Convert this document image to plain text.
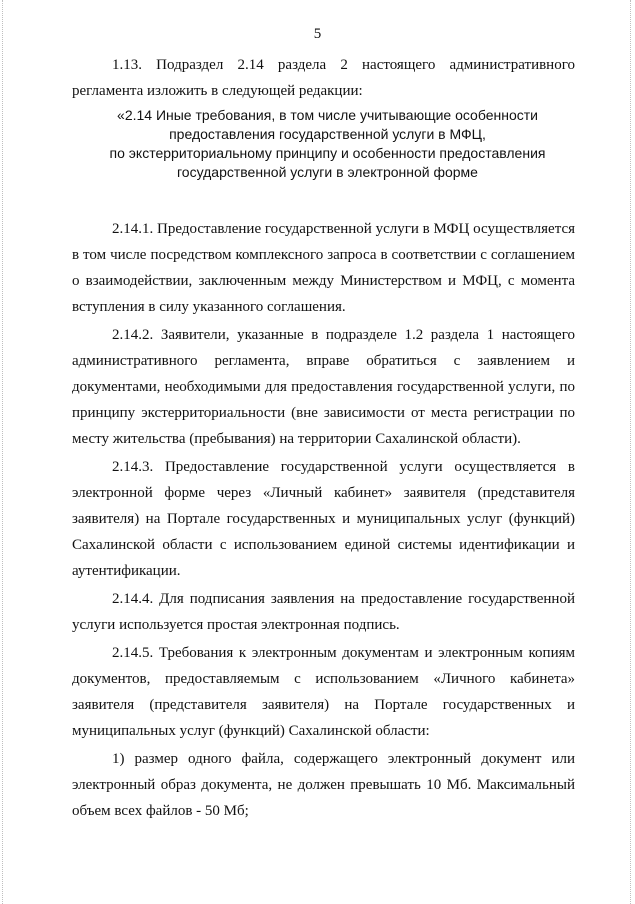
5

1.13. Подраздел 2.14 раздела 2 настоящего административного регламента изложить в следующей редакции:

«2.14 Иные требования, в том числе учитывающие особенности
предоставления государственной услуги в МФЦ,
по экстерриториальному принципу и особенности предоставления
государственной услуги в электронной форме

2.14.1. Предоставление государственной услуги в МФЦ осуществляется в том числе посредством комплексного запроса в соответствии с соглашением о взаимодействии, заключенным между Министерством и МФЦ, с момента вступления в силу указанного соглашения.

2.14.2. Заявители, указанные в подразделе 1.2 раздела 1 настоящего административного регламента, вправе обратиться с заявлением и документами, необходимыми для предоставления государственной услуги, по принципу экстерриториальности (вне зависимости от места регистрации по месту жительства (пребывания) на территории Сахалинской области).

2.14.3. Предоставление государственной услуги осуществляется в электронной форме через «Личный кабинет» заявителя (представителя заявителя) на Портале государственных и муниципальных услуг (функций) Сахалинской области с использованием единой системы идентификации и аутентификации.

2.14.4. Для подписания заявления на предоставление государственной услуги используется простая электронная подпись.

2.14.5. Требования к электронным документам и электронным копиям документов, предоставляемым с использованием «Личного кабинета» заявителя (представителя заявителя) на Портале государственных и муниципальных услуг (функций) Сахалинской области:

1) размер одного файла, содержащего электронный документ или электронный образ документа, не должен превышать 10 Мб. Максимальный объем всех файлов - 50 Мб;
